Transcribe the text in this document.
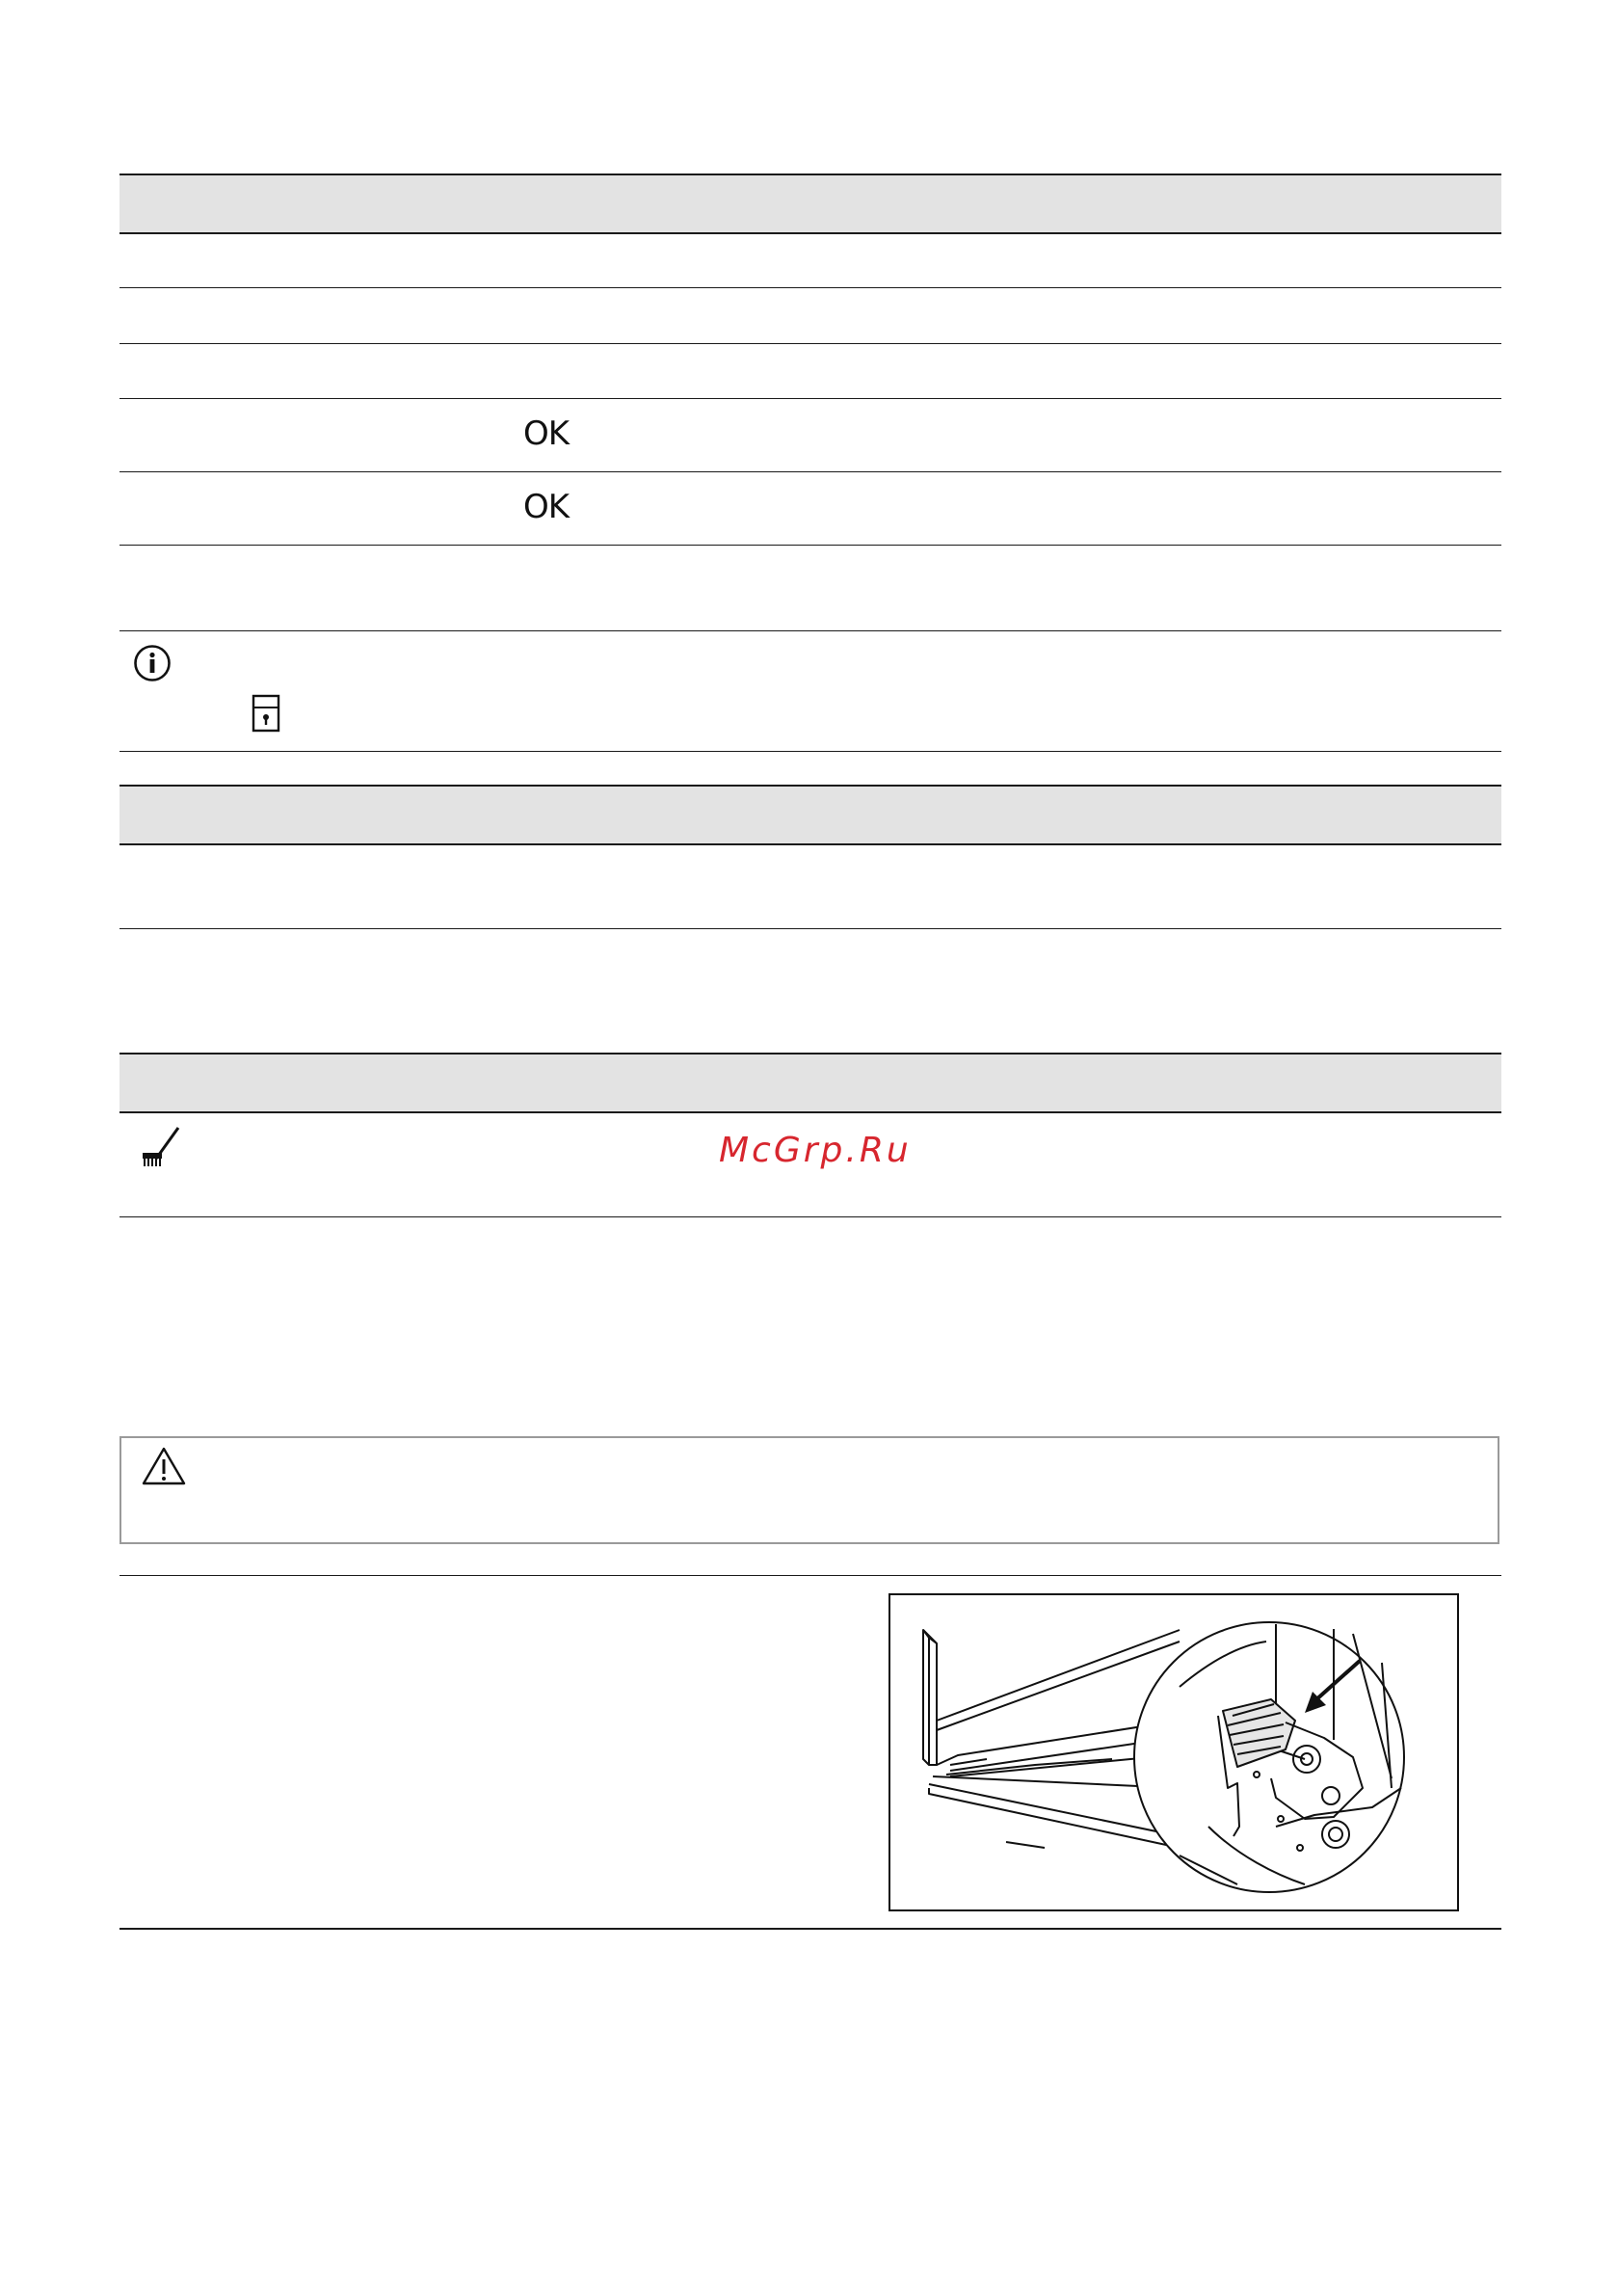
OK
OK
McGrp.Ru
